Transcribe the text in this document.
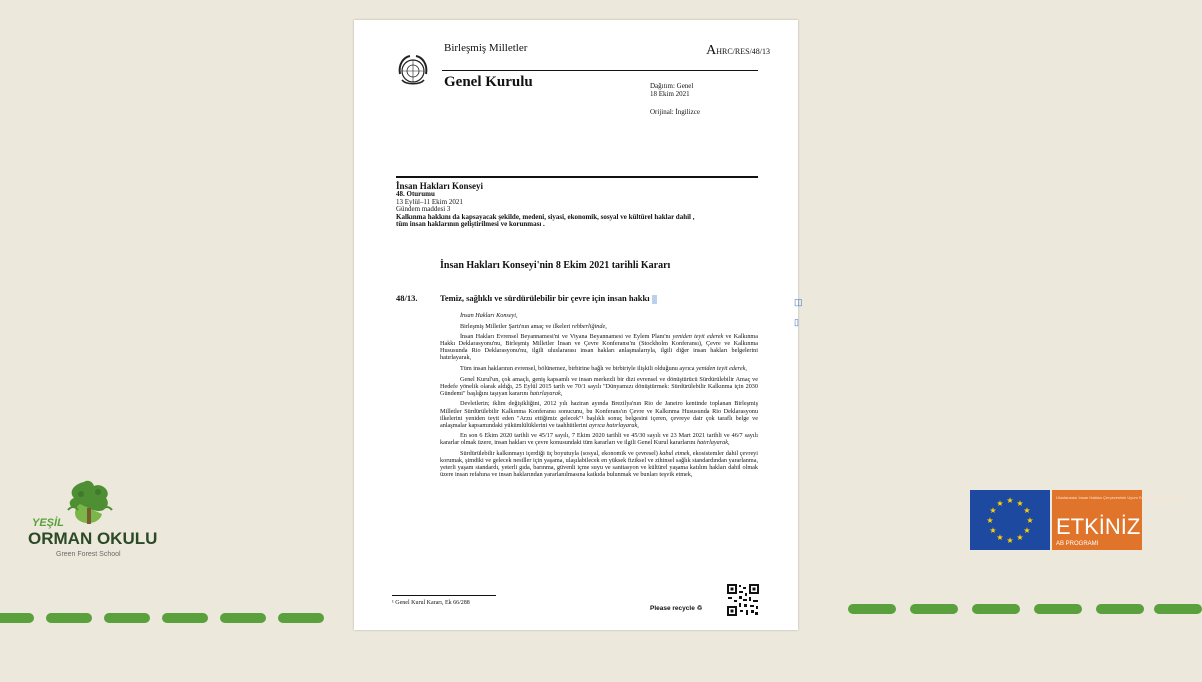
YEŞİL
ORMAN OKULU
Green Forest School
★ ★
★
★
★
★
★
★
★
★
★
★
Uluslararası İnsan Hakları Çerçevesinin Uyum Sağlaması İçin Destekleme
ETKİNİZ
AB PROGRAMI
Birleşmiş Milletler	AHRC/RES/48/13
Genel Kurulu	Dağıtım: Genel
18 Ekim 2021
Orijinal: İngilizce
İnsan Hakları Konseyi
48. Oturumu
13 Eylül–11 Ekim 2021
Gündem maddesi 3
Kalkınma hakkını da kapsayacak şekilde, medeni, siyasi, ekonomik, sosyal ve kültürel haklar dahil , tüm insan haklarının geliştirilmesi ve korunması .
İnsan Hakları Konseyi'nin 8 Ekim 2021 tarihli Kararı
48/13.	Temiz, sağlıklı ve sürdürülebilir bir çevre için insan hakkı

İnsan Hakları Konseyi,

Birleşmiş Milletler Şartı'nın amaç ve ilkeleri rehberliğinde,

İnsan Hakları Evrensel Beyannamesi'ni ve Viyana Beyannamesi ve Eylem Planı'nı yeniden teyit ederek ve Kalkınma Hakkı Deklarasyonu'nu, Birleşmiş Milletler İnsan ve Çevre Konferansı'nı (Stockholm Konferansı), Çevre ve Kalkınma Hususunda Rio Deklarasyonu'nu, ilgili uluslararası insan hakları anlaşmalarıyla, ilgili diğer insan hakları belgelerini hatırlayarak,

Tüm insan haklarının evrensel, bölünemez, birbirine bağlı ve birbiriyle ilişkili olduğunu ayrıca yeniden teyit ederek,

Genel Kurul'un, çok amaçlı, geniş kapsamlı ve insan merkezli bir dizi evrensel ve dönüştürücü Sürdürülebilir Amaç ve Hedefe yönelik olarak aldığı, 25 Eylül 2015 tarih ve 70/1 sayılı "Dünyamızı dönüştürmek: Sürdürülebilir Kalkınma için 2030 Gündemi" başlığını taşıyan kararını hatırlayarak,

Devletlerin; iklim değişikliğini, 2012 yılı haziran ayında Brezilya'nın Rio de Janeiro kentinde toplanan Birleşmiş Milletler Sürdürülebilir Kalkınma Konferansı sonucunu, bu Konferans'ın Çevre ve Kalkınma Hususunda Rio Deklarasyonu ilkelerini yeniden teyit eden "Arzu ettiğimiz gelecek"¹ başlıklı sonuç belgesini içeren, çevreye dair çok taraflı belge ve anlaşmalar kapsamındaki yükümlülüklerini ve taahhütlerini ayrıca hatırlayarak,

En son 6 Ekim 2020 tarihli ve 45/17 sayılı, 7 Ekim 2020 tarihli ve 45/30 sayılı ve 23 Mart 2021 tarihli ve 46/7 sayılı kararlar olmak üzere, insan hakları ve çevre konusundaki tüm kararları ve ilgili Genel Kurul kararlarını hatırlayarak,

Sürdürülebilir kalkınmayı içerdiği üç boyutuyla (sosyal, ekonomik ve çevresel) kabul etmek, ekosistemler dahil çevreyi korumak, şimdiki ve gelecek nesiller için yaşama, ulaşılabilecek en yüksek fiziksel ve zihinsel sağlık standardından yararlanma, yeterli yaşam standardı, yeterli gıda, barınma, güvenli içme suyu ve sanitasyon ve kültürel yaşama katılım hakları dahil olmak üzere insan refahına ve insan haklarından yararlanılmasına katkıda bulunmak ve bunları teşvik etmek,

¹ Genel Kurul Kararı, Ek 66/288
Please recycle ♲
◫
▯
